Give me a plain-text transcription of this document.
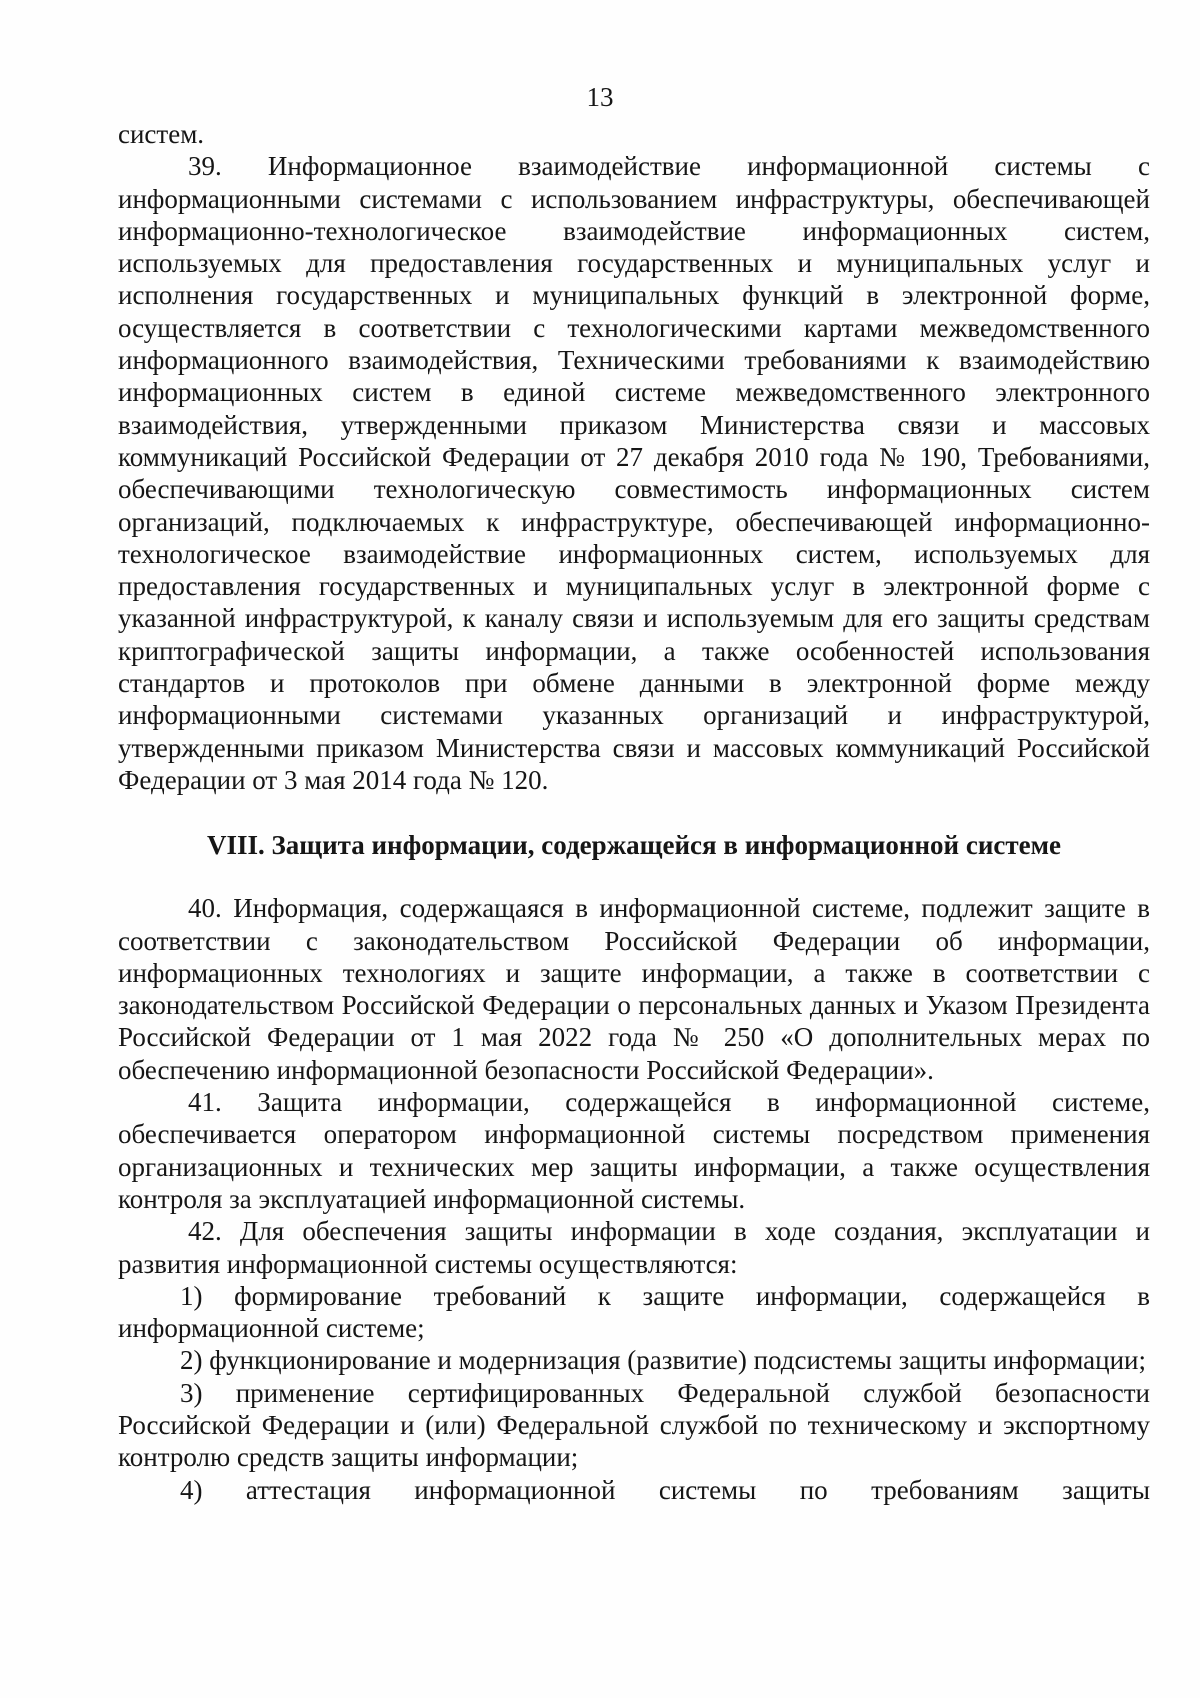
13

систем.

39. Информационное взаимодействие информационной системы с информационными системами с использованием инфраструктуры, обеспечивающей информационно-технологическое взаимодействие информационных систем, используемых для предоставления государственных и муниципальных услуг и исполнения государственных и муниципальных функций в электронной форме, осуществляется в соответствии с технологическими картами межведомственного информационного взаимодействия, Техническими требованиями к взаимодействию информационных систем в единой системе межведомственного электронного взаимодействия, утвержденными приказом Министерства связи и массовых коммуникаций Российской Федерации от 27 декабря 2010 года № 190, Требованиями, обеспечивающими технологическую совместимость информационных систем организаций, подключаемых к инфраструктуре, обеспечивающей информационно-технологическое взаимодействие информационных систем, используемых для предоставления государственных и муниципальных услуг в электронной форме с указанной инфраструктурой, к каналу связи и используемым для его защиты средствам криптографической защиты информации, а также особенностей использования стандартов и протоколов при обмене данными в электронной форме между информационными системами указанных организаций и инфраструктурой, утвержденными приказом Министерства связи и массовых коммуникаций Российской Федерации от 3 мая 2014 года № 120.

VIII. Защита информации, содержащейся в информационной системе

40. Информация, содержащаяся в информационной системе, подлежит защите в соответствии с законодательством Российской Федерации об информации, информационных технологиях и защите информации, а также в соответствии с законодательством Российской Федерации о персональных данных и Указом Президента Российской Федерации от 1 мая 2022 года № 250 «О дополнительных мерах по обеспечению информационной безопасности Российской Федерации».

41. Защита информации, содержащейся в информационной системе, обеспечивается оператором информационной системы посредством применения организационных и технических мер защиты информации, а также осуществления контроля за эксплуатацией информационной системы.

42. Для обеспечения защиты информации в ходе создания, эксплуатации и развития информационной системы осуществляются:

1) формирование требований к защите информации, содержащейся в информационной системе;

2) функционирование и модернизация (развитие) подсистемы защиты информации;

3) применение сертифицированных Федеральной службой безопасности Российской Федерации и (или) Федеральной службой по техническому и экспортному контролю средств защиты информации;

4) аттестация информационной системы по требованиям защиты
